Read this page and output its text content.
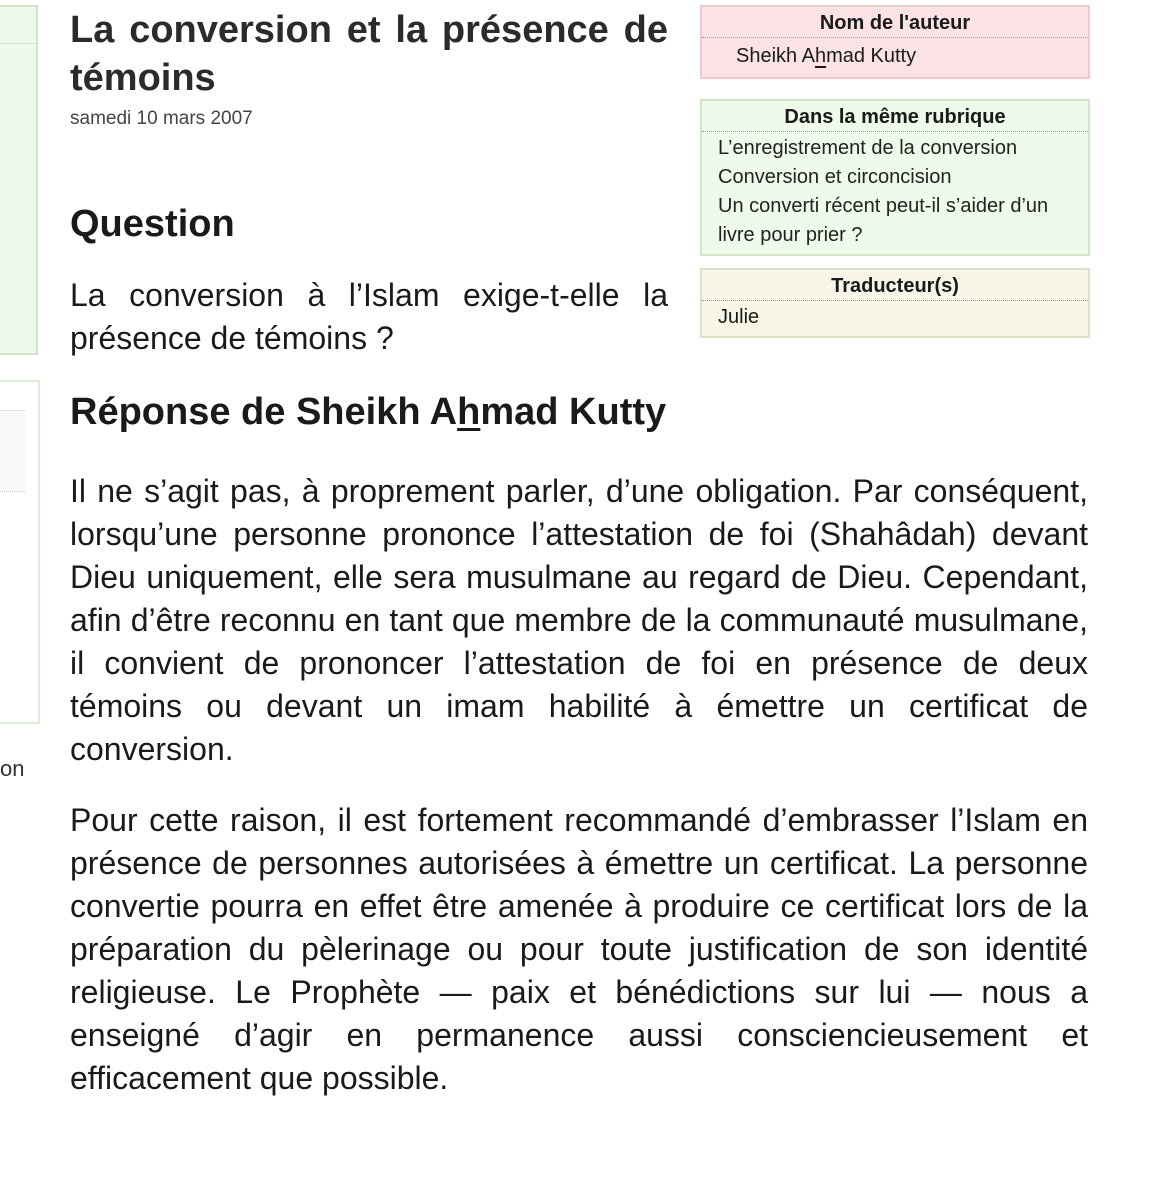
on
La conversion et la présence de témoins

samedi 10 mars 2007

Question

La conversion à l’Islam exige-t-elle la présence de témoins ?

Réponse de Sheikh Ahmad Kutty

Il ne s’agit pas, à proprement parler, d’une obligation. Par conséquent, lorsqu’une personne prononce l’attestation de foi (Shahâdah) devant Dieu uniquement, elle sera musulmane au regard de Dieu. Cependant, afin d’être reconnu en tant que membre de la communauté musulmane, il convient de prononcer l’attestation de foi en présence de deux témoins ou devant un imam habilité à émettre un certificat de conversion.

Pour cette raison, il est fortement recommandé d’embrasser l’Islam en présence de personnes autorisées à émettre un certificat. La personne convertie pourra en effet être amenée à produire ce certificat lors de la préparation du pèlerinage ou pour toute justification de son identité religieuse. Le Prophète — paix et bénédictions sur lui — nous a enseigné d’agir en permanence aussi consciencieusement et efficacement que possible.

Nom de l'auteur
Sheikh Ahmad Kutty
Dans la même rubrique
L’enregistrement de la conversion
Conversion et circoncision
Un converti récent peut-il s’aider d’un livre pour prier ?
Traducteur(s)
Julie
